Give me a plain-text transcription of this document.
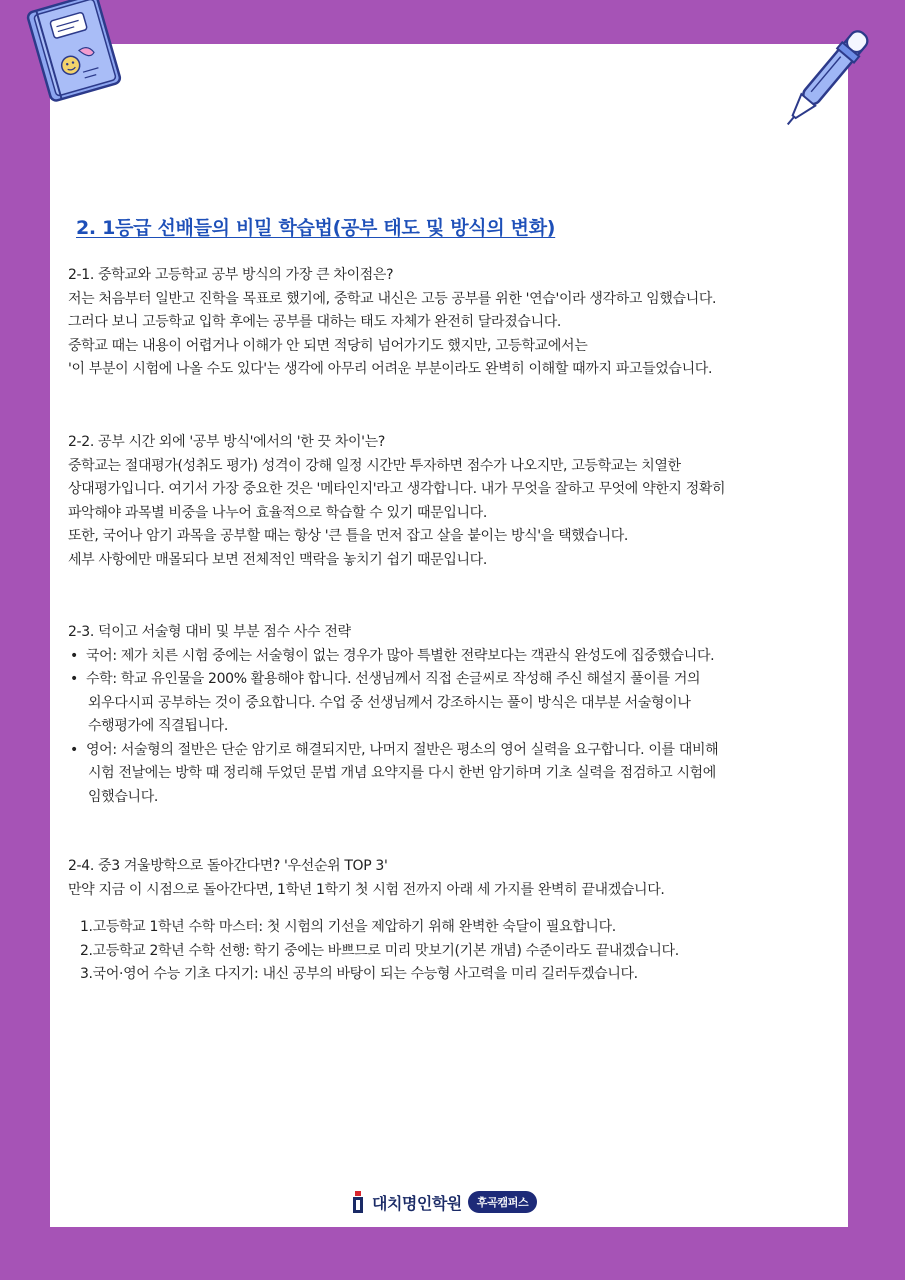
2. 1등급 선배들의 비밀 학습법(공부 태도 및 방식의 변화)

2-1. 중학교와 고등학교 공부 방식의 가장 큰 차이점은?

저는 처음부터 일반고 진학을 목표로 했기에, 중학교 내신은 고등 공부를 위한 '연습'이라 생각하고 임했습니다.

그러다 보니 고등학교 입학 후에는 공부를 대하는 태도 자체가 완전히 달라졌습니다.

중학교 때는 내용이 어렵거나 이해가 안 되면 적당히 넘어가기도 했지만, 고등학교에서는

'이 부분이 시험에 나올 수도 있다'는 생각에 아무리 어려운 부분이라도 완벽히 이해할 때까지 파고들었습니다.

2-2. 공부 시간 외에 '공부 방식'에서의 '한 끗 차이'는?

중학교는 절대평가(성취도 평가) 성격이 강해 일정 시간만 투자하면 점수가 나오지만, 고등학교는 치열한

상대평가입니다. 여기서 가장 중요한 것은 '메타인지'라고 생각합니다. 내가 무엇을 잘하고 무엇에 약한지 정확히

파악해야 과목별 비중을 나누어 효율적으로 학습할 수 있기 때문입니다.

또한, 국어나 암기 과목을 공부할 때는 항상 '큰 틀을 먼저 잡고 살을 붙이는 방식'을 택했습니다.

세부 사항에만 매몰되다 보면 전체적인 맥락을 놓치기 쉽기 때문입니다.

2-3. 덕이고 서술형 대비 및 부분 점수 사수 전략

• 국어: 제가 치른 시험 중에는 서술형이 없는 경우가 많아 특별한 전략보다는 객관식 완성도에 집중했습니다.
• 수학: 학교 유인물을 200% 활용해야 합니다. 선생님께서 직접 손글씨로 작성해 주신 해설지 풀이를 거의
외우다시피 공부하는 것이 중요합니다. 수업 중 선생님께서 강조하시는 풀이 방식은 대부분 서술형이나
수행평가에 직결됩니다.
• 영어: 서술형의 절반은 단순 암기로 해결되지만, 나머지 절반은 평소의 영어 실력을 요구합니다. 이를 대비해
시험 전날에는 방학 때 정리해 두었던 문법 개념 요약지를 다시 한번 암기하며 기초 실력을 점검하고 시험에
임했습니다.

2-4. 중3 겨울방학으로 돌아간다면? '우선순위 TOP 3'

만약 지금 이 시점으로 돌아간다면, 1학년 1학기 첫 시험 전까지 아래 세 가지를 완벽히 끝내겠습니다.

1.고등학교 1학년 수학 마스터: 첫 시험의 기선을 제압하기 위해 완벽한 숙달이 필요합니다.
2.고등학교 2학년 수학 선행: 학기 중에는 바쁘므로 미리 맛보기(기본 개념) 수준이라도 끝내겠습니다.
3.국어·영어 수능 기초 다지기: 내신 공부의 바탕이 되는 수능형 사고력을 미리 길러두겠습니다.
대치명인학원	후곡캠퍼스
